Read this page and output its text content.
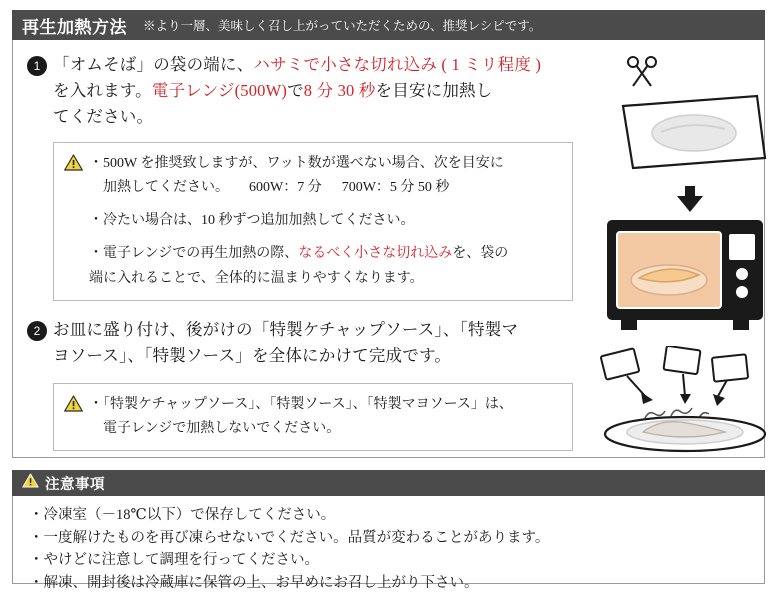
再生加熱方法 ※より一層、美味しく召し上がっていただくための、推奨レシピです。
1 「オムそば」の袋の端に、ハサミで小さな切れ込み ( 1 ミリ程度 )
を入れます。電子レンジ(500W)で8 分 30 秒を目安に加熱し
てください。
・500W を推奨致しますが、ワット数が選べない場合、次を目安に
加熱してください。 600W：7 分 700W：5 分 50 秒
・冷たい場合は、10 秒ずつ追加加熱してください。
・電子レンジでの再生加熱の際、なるべく小さな切れ込みを、袋の
端に入れることで、全体的に温まりやすくなります。
2 お皿に盛り付け、後がけの「特製ケチャップソース」、「特製マ
ヨソース」、「特製ソース」を全体にかけて完成です。
・「特製ケチャップソース」、「特製ソース」、「特製マヨソース」は、
電子レンジで加熱しないでください。
注意事項
・冷凍室（－18℃以下）で保存してください。
・一度解けたものを再び凍らせないでください。品質が変わることがあります。
・やけどに注意して調理を行ってください。
・解凍、開封後は冷蔵庫に保管の上、お早めにお召し上がり下さい。
